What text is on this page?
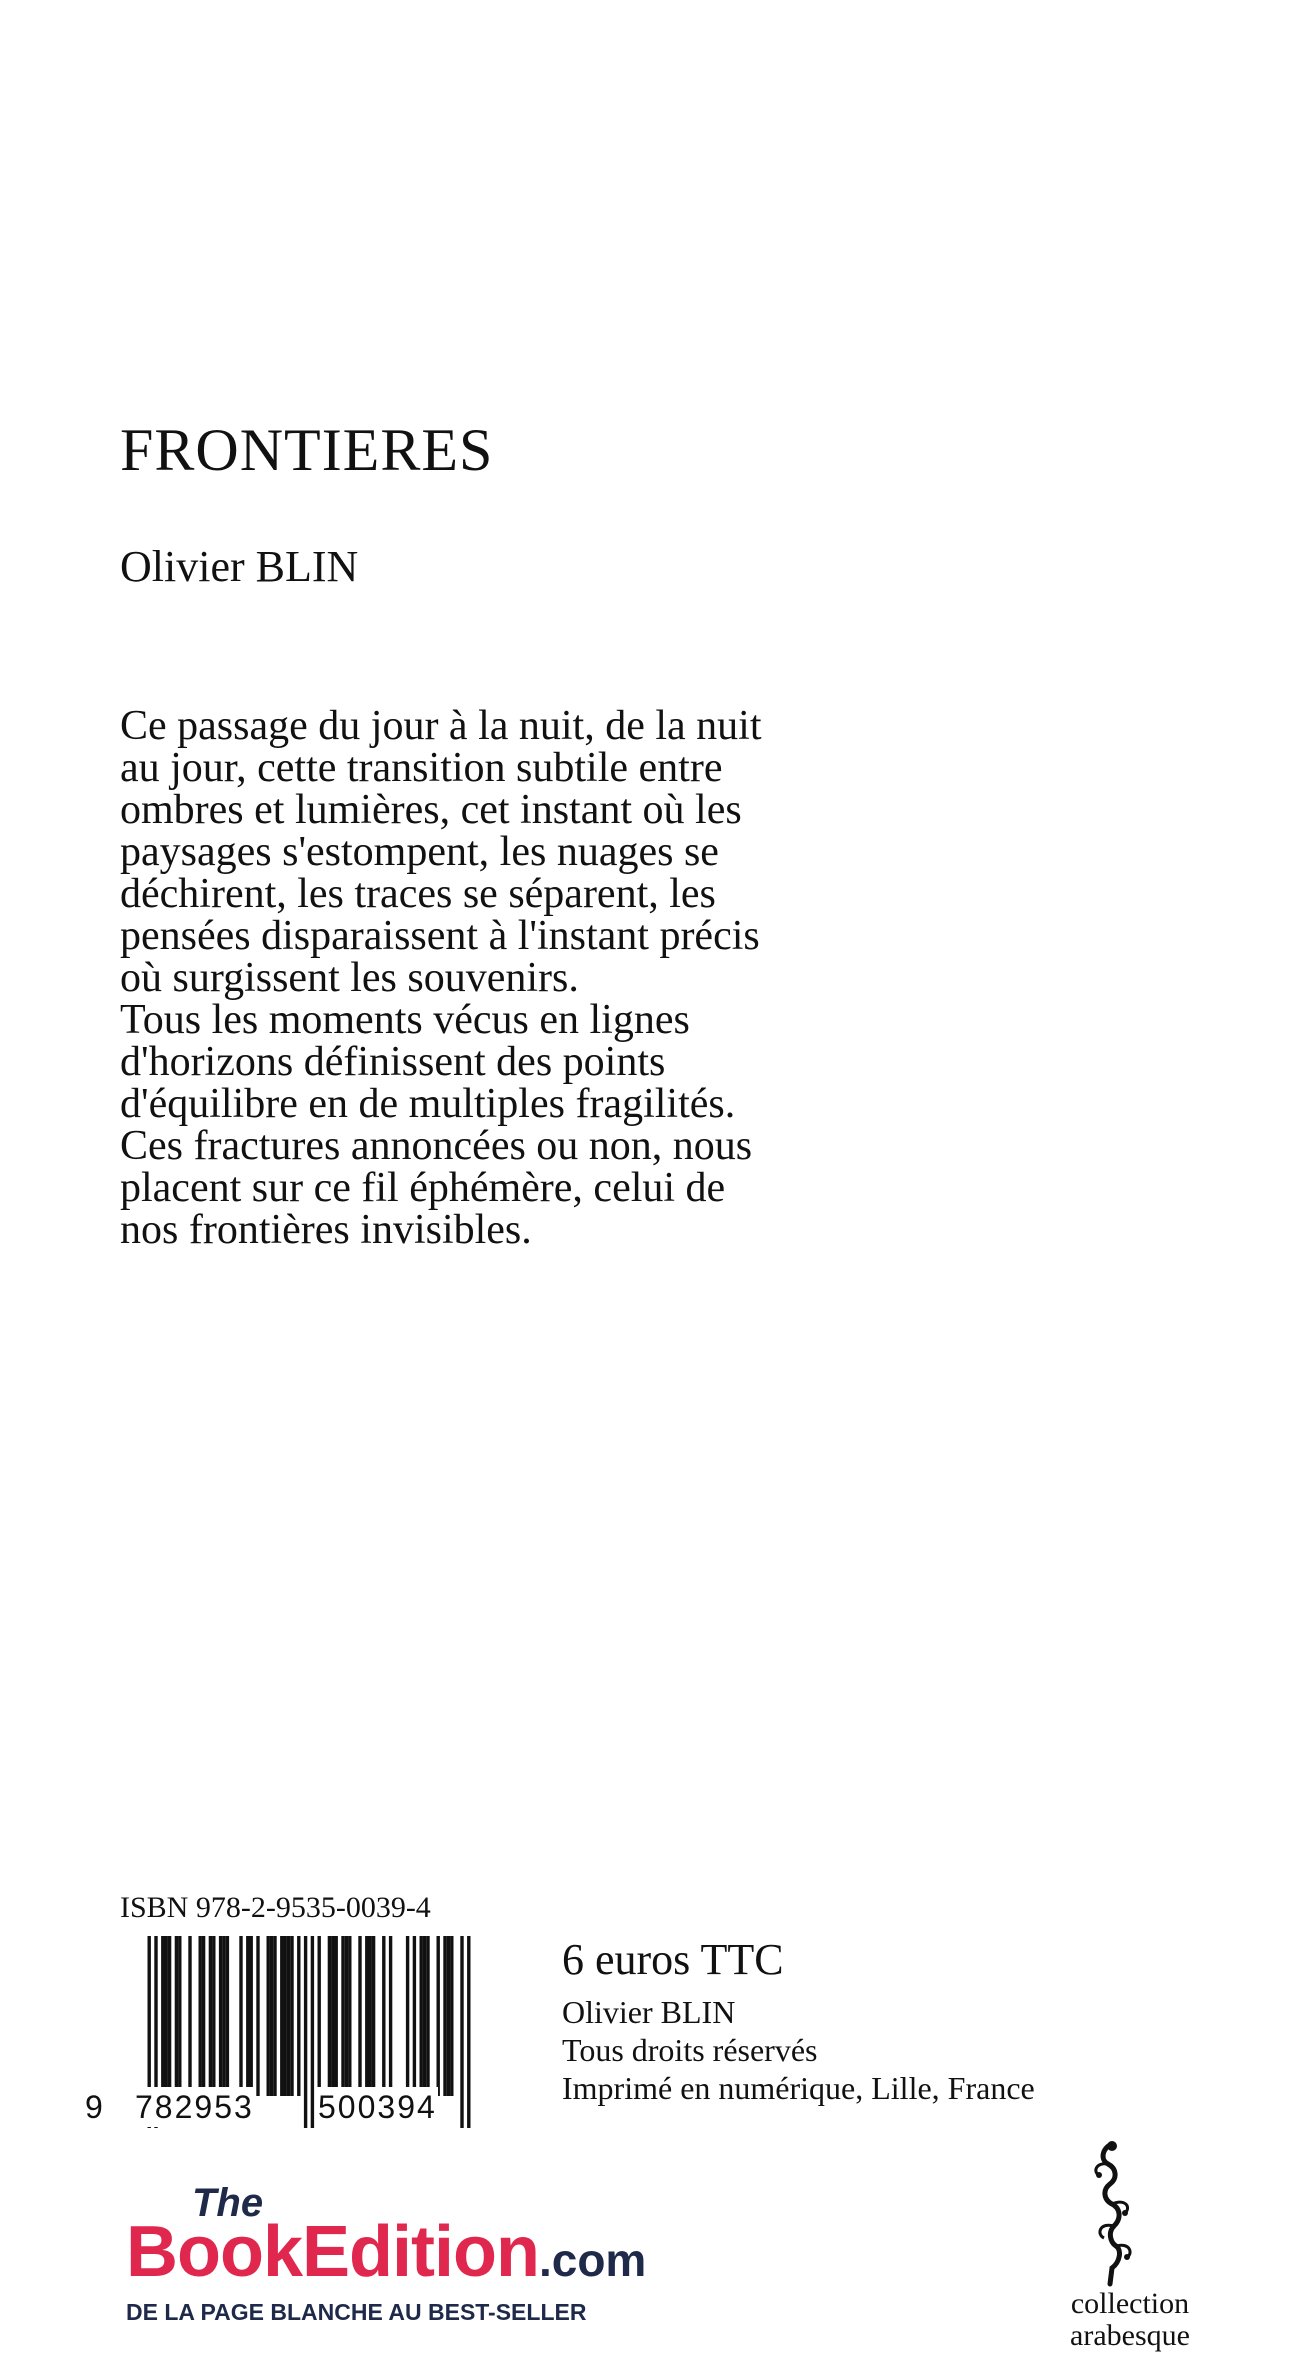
FRONTIERES
Olivier BLIN

Ce passage du jour à la nuit, de la nuit

au jour, cette transition subtile entre

ombres et lumières, cet instant où les

paysages s'estompent, les nuages se

déchirent, les traces se séparent, les

pensées disparaissent à l'instant précis

où surgissent les souvenirs.

Tous les moments vécus en lignes

d'horizons définissent des points

d'équilibre en de multiples fragilités.

Ces fractures annoncées ou non, nous

placent sur ce fil éphémère, celui de

nos frontières invisibles.

ISBN 978-2-9535-0039-4
9 782953 500394
6 euros TTC
Olivier BLIN
Tous droits réservés
Imprimé en numérique, Lille, France
The
BookEdition.com
DE LA PAGE BLANCHE AU BEST-SELLER	collection
arabesque
